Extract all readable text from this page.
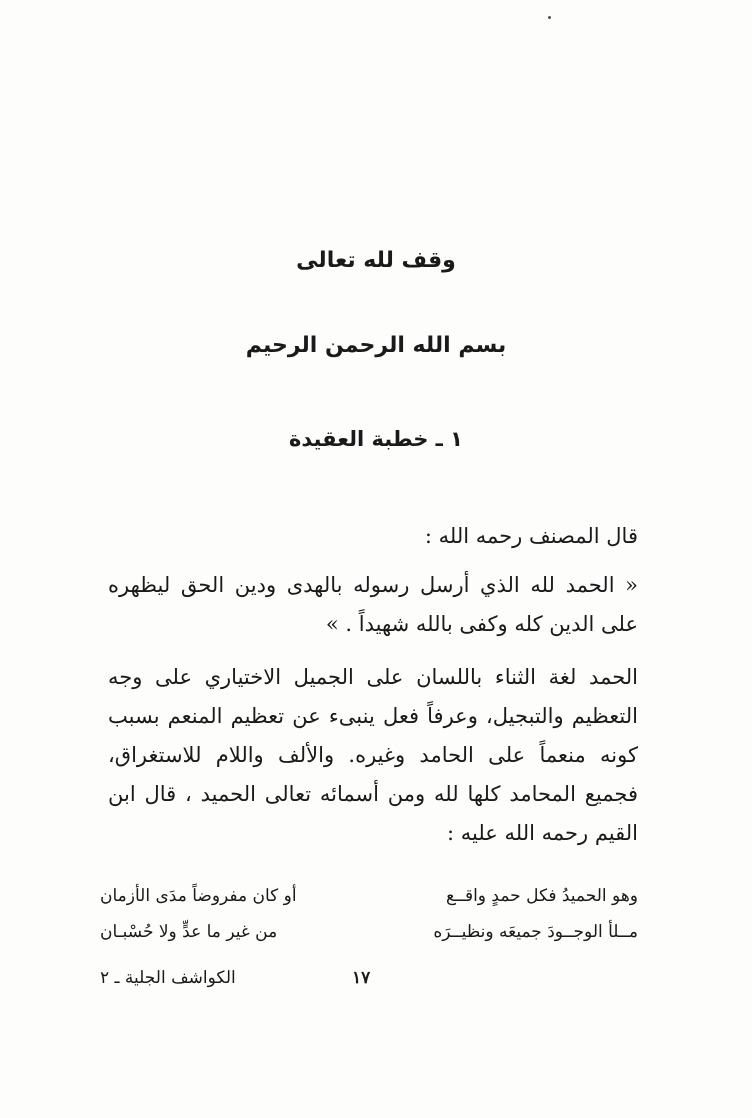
وقف لله تعالى
بسم الله الرحمن الرحيم
١ ـ خطبة العقيدة
قال المصنف رحمه الله :
« الحمد لله الذي أرسل رسوله بالهدى ودين الحق ليظهره على الدين كله وكفى بالله شهيداً . »
الحمد لغة الثناء باللسان على الجميل الاختياري على وجه التعظيم والتبجيل، وعرفاً فعل ينبىء عن تعظيم المنعم بسبب كونه منعماً على الحامد وغيره. والألف واللام للاستغراق، فجميع المحامد كلها لله ومن أسمائه تعالى الحميد ، قال ابن القيم رحمه الله عليه :
وهو الحميدُ فكل حمدٍ واقــع
أو كان مفروضاً مدَى الأزمان
مــلأ الوجــودَ جميعَه ونظيــرَه
من غير ما عدٍّ ولا حُسْبـان
١٧
الكواشف الجلية ـ ٢
